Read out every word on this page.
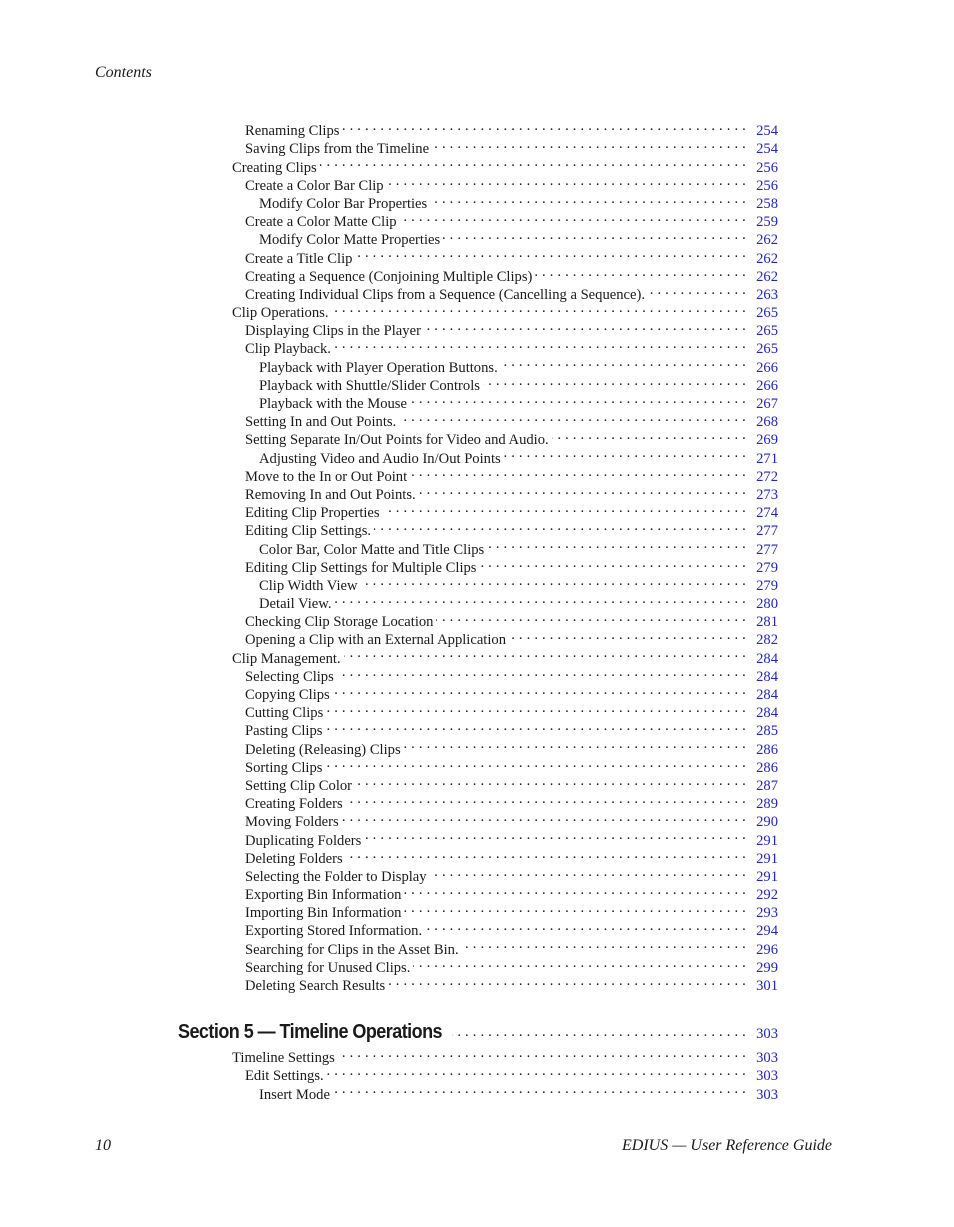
Contents
Renaming Clips . . .	254
Saving Clips from the Timeline . . .	254
Creating Clips . . .	256
Create a Color Bar Clip . . .	256
Modify Color Bar Properties . . .	258
Create a Color Matte Clip . . .	259
Modify Color Matte Properties . . .	262
Create a Title Clip . . .	262
Creating a Sequence (Conjoining Multiple Clips) . . .	262
Creating Individual Clips from a Sequence (Cancelling a Sequence). . . .	263
Clip Operations. . . .	265
Displaying Clips in the Player . . .	265
Clip Playback. . . .	265
Playback with Player Operation Buttons. . . .	266
Playback with Shuttle/Slider Controls . . .	266
Playback with the Mouse . . .	267
Setting In and Out Points. . . .	268
Setting Separate In/Out Points for Video and Audio. . . .	269
Adjusting Video and Audio In/Out Points . . .	271
Move to the In or Out Point . . .	272
Removing In and Out Points. . . .	273
Editing Clip Properties . . .	274
Editing Clip Settings. . . .	277
Color Bar, Color Matte and Title Clips . . .	277
Editing Clip Settings for Multiple Clips . . .	279
Clip Width View . . .	279
Detail View. . . .	280
Checking Clip Storage Location . . .	281
Opening a Clip with an External Application . . .	282
Clip Management. . . .	284
Selecting Clips . . .	284
Copying Clips . . .	284
Cutting Clips . . .	284
Pasting Clips . . .	285
Deleting (Releasing) Clips . . .	286
Sorting Clips . . .	286
Setting Clip Color . . .	287
Creating Folders . . .	289
Moving Folders . . .	290
Duplicating Folders . . .	291
Deleting Folders . . .	291
Selecting the Folder to Display . . .	291
Exporting Bin Information . . .	292
Importing Bin Information . . .	293
Exporting Stored Information. . . .	294
Searching for Clips in the Asset Bin. . . .	296
Searching for Unused Clips. . . .	299
Deleting Search Results . . .	301
Section 5 — Timeline Operations . . .	303
Timeline Settings . . .	303
Edit Settings. . . .	303
Insert Mode . . .	303
10	EDIUS — User Reference Guide
